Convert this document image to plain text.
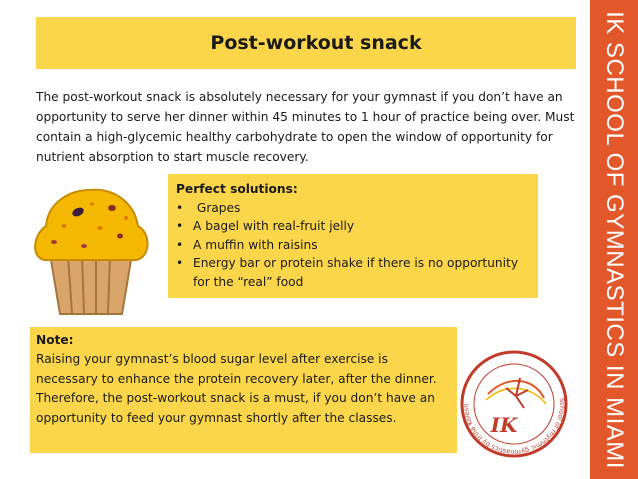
Post-workout snack

The post-workout snack is absolutely necessary for your gymnast if you don’t have an opportunity to serve her dinner within 45 minutes to 1 hour of practice being over. Must contain a high-glycemic healthy carbohydrate to open the window of opportunity for nutrient absorption to start muscle recovery.

Perfect solutions:
• Grapes
• A bagel with real-fruit jelly
• A muffin with raisins
• Energy bar or protein shake if there is no opportunity for the “real” food
Note:
Raising your gymnast’s blood sugar level after exercise is necessary to enhance the protein recovery later, after the dinner. Therefore, the post-workout snack is a must, if you don’t have an opportunity to feed your gymnast shortly after the classes.
School of rhythmic gymnastics by Irina Kolesn
IK	IK SCHOOL OF GYMNASTICS IN MIAMI
